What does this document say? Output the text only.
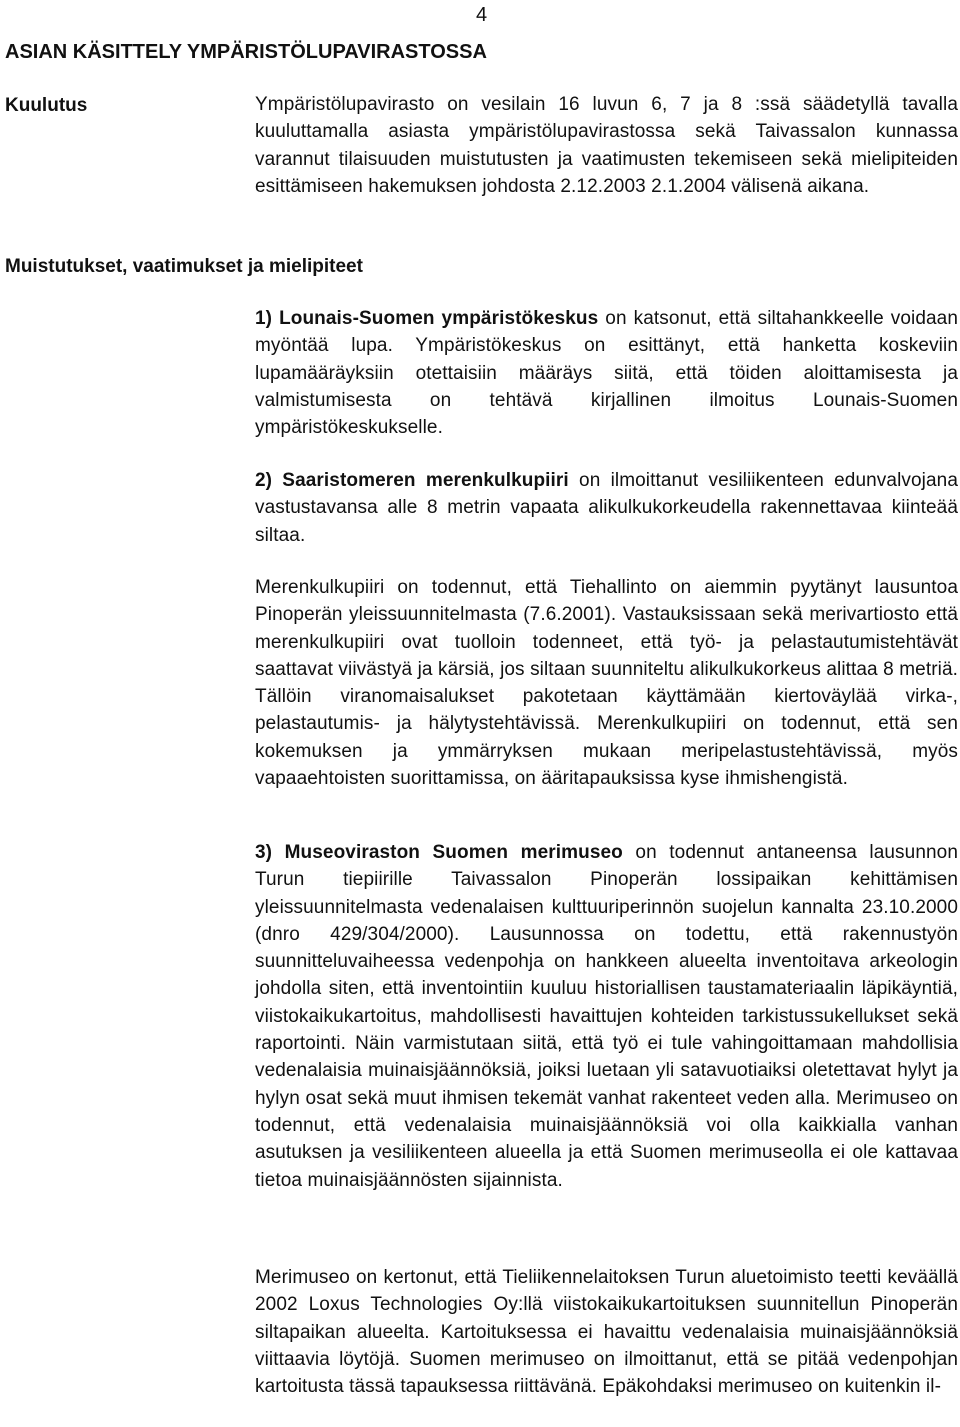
4
ASIAN KÄSITTELY YMPÄRISTÖLUPAVIRASTOSSA

Kuulutus	Ympäristölupavirasto on vesilain 16 luvun 6, 7 ja 8 :ssä säädetyllä tavalla kuuluttamalla asiasta ympäristölupavirastossa sekä Taivassalon kunnassa varannut tilaisuuden muistutusten ja vaatimusten tekemiseen sekä mielipiteiden esittämiseen hakemuksen johdosta 2.12.2003 2.1.2004 välisenä aikana.

Muistutukset, vaatimukset ja mielipiteet

1) Lounais-Suomen ympäristökeskus on katsonut, että siltahankkeelle voidaan myöntää lupa. Ympäristökeskus on esittänyt, että hanketta koskeviin lupamääräyksiin otettaisiin määräys siitä, että töiden aloittamisesta ja valmistumisesta on tehtävä kirjallinen ilmoitus Lounais-Suomen ympäristökeskukselle.

2) Saaristomeren merenkulkupiiri on ilmoittanut vesiliikenteen edunvalvojana vastustavansa alle 8 metrin vapaata alikulkukorkeudella rakennettavaa kiinteää siltaa.

Merenkulkupiiri on todennut, että Tiehallinto on aiemmin pyytänyt lausuntoa Pinoperän yleissuunnitelmasta (7.6.2001). Vastauksissaan sekä merivartiosto että merenkulkupiiri ovat tuolloin todenneet, että työ- ja pelastautumistehtävät saattavat viivästyä ja kärsiä, jos siltaan suunniteltu alikulkukorkeus alittaa 8 metriä. Tällöin viranomaisalukset pakotetaan käyttämään kiertoväylää virka-, pelastautumis- ja hälytystehtävissä. Merenkulkupiiri on todennut, että sen kokemuksen ja ymmärryksen mukaan meripelastustehtävissä, myös vapaaehtoisten suorittamissa, on ääritapauksissa kyse ihmishengistä.

3) Museoviraston Suomen merimuseo on todennut antaneensa lausunnon Turun tiepiirille Taivassalon Pinoperän lossipaikan kehittämisen yleissuunnitelmasta vedenalaisen kulttuuriperinnön suojelun kannalta 23.10.2000 (dnro 429/304/2000). Lausunnossa on todettu, että rakennustyön suunnitteluvaiheessa vedenpohja on hankkeen alueelta inventoitava arkeologin johdolla siten, että inventointiin kuuluu historiallisen taustamateriaalin läpikäyntiä, viistokaikukartoitus, mahdollisesti havaittujen kohteiden tarkistussukellukset sekä raportointi. Näin varmistutaan siitä, että työ ei tule vahingoittamaan mahdollisia vedenalaisia muinaisjäännöksiä, joiksi luetaan yli satavuotiaiksi oletettavat hylyt ja hylyn osat sekä muut ihmisen tekemät vanhat rakenteet veden alla. Merimuseo on todennut, että vedenalaisia muinaisjäännöksiä voi olla kaikkialla vanhan asutuksen ja vesiliikenteen alueella ja että Suomen merimuseolla ei ole kattavaa tietoa muinaisjäännösten sijainnista.

Merimuseo on kertonut, että Tieliikennelaitoksen Turun aluetoimisto teetti keväällä 2002 Loxus Technologies Oy:llä viistokaikukartoituksen suunnitellun Pinoperän siltapaikan alueelta. Kartoituksessa ei havaittu vedenalaisia muinaisjäännöksiä viittaavia löytöjä. Suomen merimuseo on ilmoittanut, että se pitää vedenpohjan kartoitusta tässä tapauksessa riittävänä. Epäkohdaksi merimuseo on kuitenkin il-
